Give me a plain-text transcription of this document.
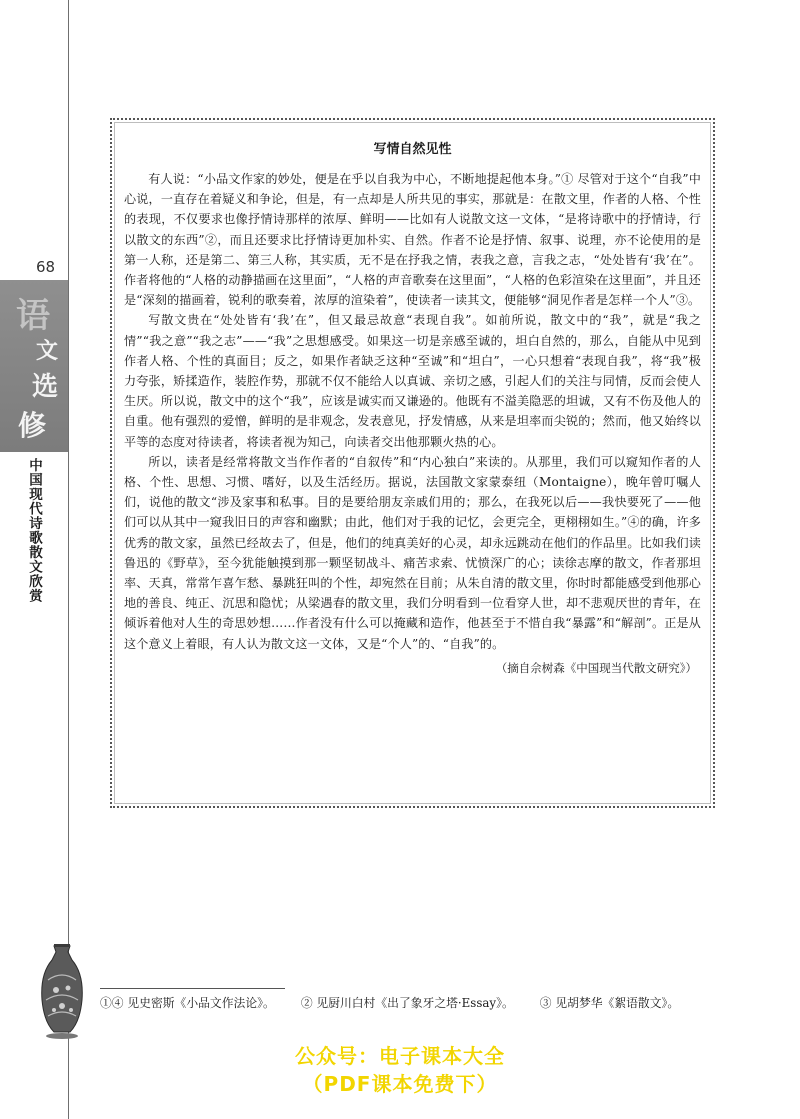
68
语
文
选
修
中国现代诗歌散文欣赏
写情自然见性

有人说：“小品文作家的妙处，便是在乎以自我为中心，不断地提起他本身。”① 尽管对于这个“自我”中心说，一直存在着疑义和争论，但是，有一点却是人所共见的事实，那就是：在散文里，作者的人格、个性的表现，不仅要求也像抒情诗那样的浓厚、鲜明——比如有人说散文这一文体，“是将诗歌中的抒情诗，行以散文的东西”②，而且还要求比抒情诗更加朴实、自然。作者不论是抒情、叙事、说理，亦不论使用的是第一人称，还是第二、第三人称，其实质，无不是在抒我之情，表我之意，言我之志，“处处皆有‘我’在”。作者将他的“人格的动静描画在这里面”，“人格的声音歌奏在这里面”，“人格的色彩渲染在这里面”，并且还是“深刻的描画着，锐利的歌奏着，浓厚的渲染着”，使读者一读其文，便能够“洞见作者是怎样一个人”③。

写散文贵在“处处皆有‘我’在”，但又最忌故意“表现自我”。如前所说，散文中的“我”，就是“我之情”“我之意”“我之志”——“我”之思想感受。如果这一切是亲感至诚的，坦白自然的，那么，自能从中见到作者人格、个性的真面目；反之，如果作者缺乏这种“至诚”和“坦白”，一心只想着“表现自我”，将“我”极力夸张，矫揉造作，装腔作势，那就不仅不能给人以真诚、亲切之感，引起人们的关注与同情，反而会使人生厌。所以说，散文中的这个“我”，应该是诚实而又谦逊的。他既有不溢美隐恶的坦诚，又有不伤及他人的自重。他有强烈的爱憎，鲜明的是非观念，发表意见，抒发情感，从来是坦率而尖锐的；然而，他又始终以平等的态度对待读者，将读者视为知己，向读者交出他那颗火热的心。

所以，读者是经常将散文当作作者的“自叙传”和“内心独白”来读的。从那里，我们可以窥知作者的人格、个性、思想、习惯、嗜好，以及生活经历。据说，法国散文家蒙泰纽（Montaigne），晚年曾叮嘱人们，说他的散文“涉及家事和私事。目的是要给朋友亲戚们用的；那么，在我死以后——我快要死了——他们可以从其中一窥我旧日的声容和幽默；由此，他们对于我的记忆，会更完全，更栩栩如生。”④的确，许多优秀的散文家，虽然已经故去了，但是，他们的纯真美好的心灵，却永远跳动在他们的作品里。比如我们读鲁迅的《野草》，至今犹能触摸到那一颗坚韧战斗、痛苦求索、忧愤深广的心；读徐志摩的散文，作者那坦率、天真，常常乍喜乍愁、暴跳狂叫的个性，却宛然在目前；从朱自清的散文里，你时时都能感受到他那心地的善良、纯正、沉思和隐忧；从梁遇春的散文里，我们分明看到一位看穿人世，却不悲观厌世的青年，在倾诉着他对人生的奇思妙想……作者没有什么可以掩藏和造作，他甚至于不惜自我“暴露”和“解剖”。正是从这个意义上着眼，有人认为散文这一文体，又是“个人”的、“自我”的。

（摘自佘树森《中国现当代散文研究》）
①④ 见史密斯《小品文作法论》。 ② 见厨川白村《出了象牙之塔·Essay》。 ③ 见胡梦华《絮语散文》。
公众号：电子课本大全
（PDF课本免费下）
